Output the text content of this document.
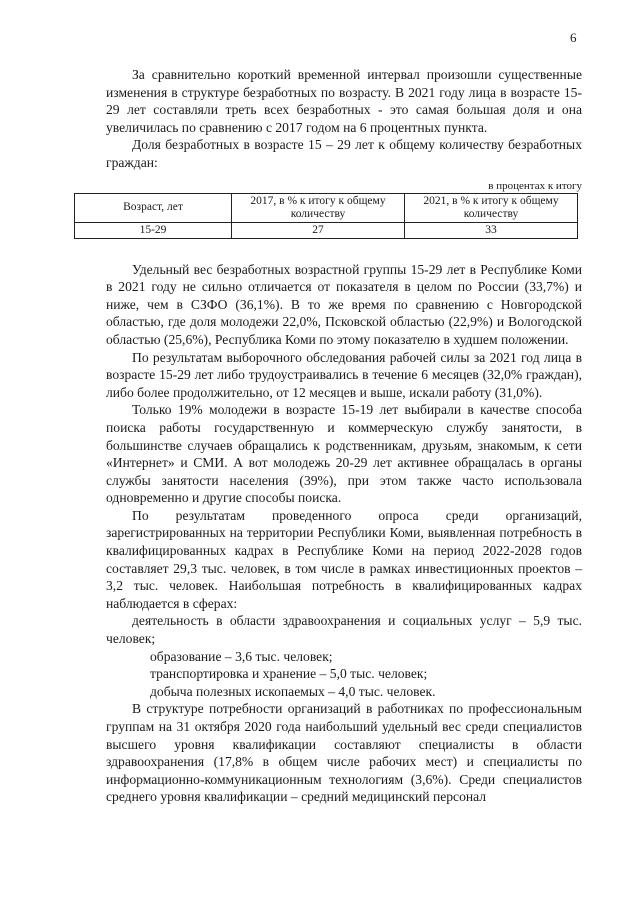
6

За сравнительно короткий временной интервал произошли существенные изменения в структуре безработных по возрасту. В 2021 году лица в возрасте 15-29 лет составляли треть всех безработных - это самая большая доля и она увеличилась по сравнению с 2017 годом на 6 процентных пункта.

Доля безработных в возрасте 15 – 29 лет к общему количеству безработных граждан:

в процентах к итогу
Возраст, лет	2017, в % к итогу к общему количеству	2021, в % к итогу к общему количеству
15-29	27	33

Удельный вес безработных возрастной группы 15-29 лет в Республике Коми в 2021 году не сильно отличается от показателя в целом по России (33,7%) и ниже, чем в СЗФО (36,1%). В то же время по сравнению с Новгородской областью, где доля молодежи 22,0%, Псковской областью (22,9%) и Вологодской областью (25,6%), Республика Коми по этому показателю в худшем положении.

По результатам выборочного обследования рабочей силы за 2021 год лица в возрасте 15-29 лет либо трудоустраивались в течение 6 месяцев (32,0% граждан), либо более продолжительно, от 12 месяцев и выше, искали работу (31,0%).

Только 19% молодежи в возрасте 15-19 лет выбирали в качестве способа поиска работы государственную и коммерческую службу занятости, в большинстве случаев обращались к родственникам, друзьям, знакомым, к сети «Интернет» и СМИ. А вот молодежь 20-29 лет активнее обращалась в органы службы занятости населения (39%), при этом также часто использовала одновременно и другие способы поиска.

По результатам проведенного опроса среди организаций, зарегистрированных на территории Республики Коми, выявленная потребность в квалифицированных кадрах в Республике Коми на период 2022-2028 годов составляет 29,3 тыс. человек, в том числе в рамках инвестиционных проектов – 3,2 тыс. человек. Наибольшая потребность в квалифицированных кадрах наблюдается в сферах:

деятельность в области здравоохранения и социальных услуг – 5,9 тыс. человек;

образование – 3,6 тыс. человек;

транспортировка и хранение – 5,0 тыс. человек;

добыча полезных ископаемых – 4,0 тыс. человек.

В структуре потребности организаций в работниках по профессиональным группам на 31 октября 2020 года наибольший удельный вес среди специалистов высшего уровня квалификации составляют специалисты в области здравоохранения (17,8% в общем числе рабочих мест) и специалисты по информационно-коммуникационным технологиям (3,6%). Среди специалистов среднего уровня квалификации – средний медицинский персонал
